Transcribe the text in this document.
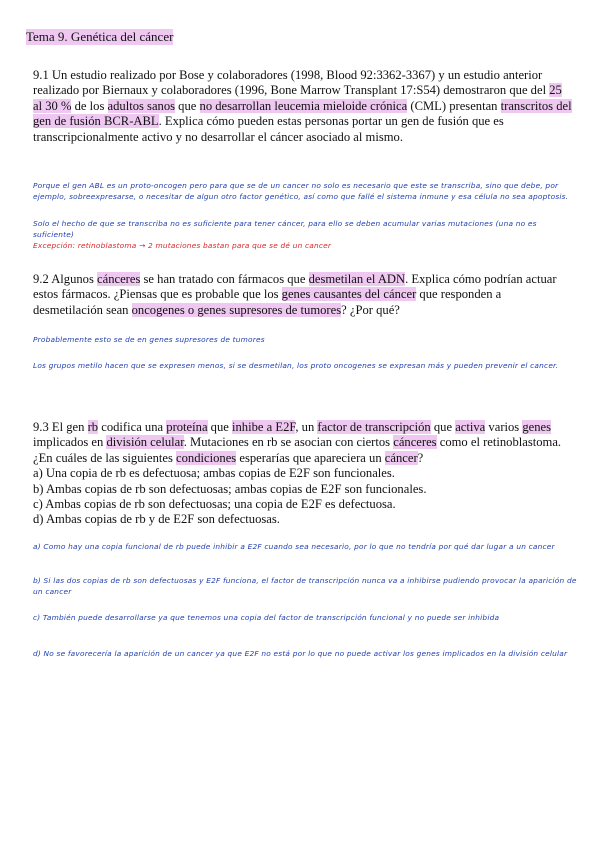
Tema 9. Genética del cáncer
9.1 Un estudio realizado por Bose y colaboradores (1998, Blood 92:3362-3367) y un estudio anterior realizado por Biernaux y colaboradores (1996, Bone Marrow Transplant 17:S54) demostraron que del 25 al 30 % de los adultos sanos que no desarrollan leucemia mieloide crónica (CML) presentan transcritos del gen de fusión BCR-ABL. Explica cómo pueden estas personas portar un gen de fusión que es transcripcionalmente activo y no desarrollar el cáncer asociado al mismo.
Porque el gen ABL es un proto-oncogen pero para que se de un cancer no solo es necesario que este se transcriba, sino que debe, por ejemplo, sobreexpresarse, o necesitar de algun otro factor genético, así como que fallé el sistema inmune y esa célula no sea apoptosis.
Solo el hecho de que se transcriba no es suficiente para tener cáncer, para ello se deben acumular varias mutaciones (una no es suficiente)
Excepción: retinoblastoma → 2 mutaciones bastan para que se dé un cancer
9.2 Algunos cánceres se han tratado con fármacos que desmetilan el ADN. Explica cómo podrían actuar estos fármacos. ¿Piensas que es probable que los genes causantes del cáncer que responden a desmetilación sean oncogenes o genes supresores de tumores? ¿Por qué?
Probablemente esto se de en genes supresores de tumores
Los grupos metilo hacen que se expresen menos, si se desmetilan, los proto oncogenes se expresan más y pueden prevenir el cancer.
9.3 El gen rb codifica una proteína que inhibe a E2F, un factor de transcripción que activa varios genes implicados en división celular. Mutaciones en rb se asocian con ciertos cánceres como el retinoblastoma. ¿En cuáles de las siguientes condiciones esperarías que apareciera un cáncer?
a) Una copia de rb es defectuosa; ambas copias de E2F son funcionales.
b) Ambas copias de rb son defectuosas; ambas copias de E2F son funcionales.
c) Ambas copias de rb son defectuosas; una copia de E2F es defectuosa.
d) Ambas copias de rb y de E2F son defectuosas.
a) Como hay una copia funcional de rb puede inhibir a E2F cuando sea necesario, por lo que no tendría por qué dar lugar a un cancer
b) Si las dos copias de rb son defectuosas y E2F funciona, el factor de transcripción nunca va a inhibirse pudiendo provocar la aparición de un cancer
c) También puede desarrollarse ya que tenemos una copia del factor de transcripción funcional y no puede ser inhibida
d) No se favorecería la aparición de un cancer ya que E2F no está por lo que no puede activar los genes implicados en la división celular
